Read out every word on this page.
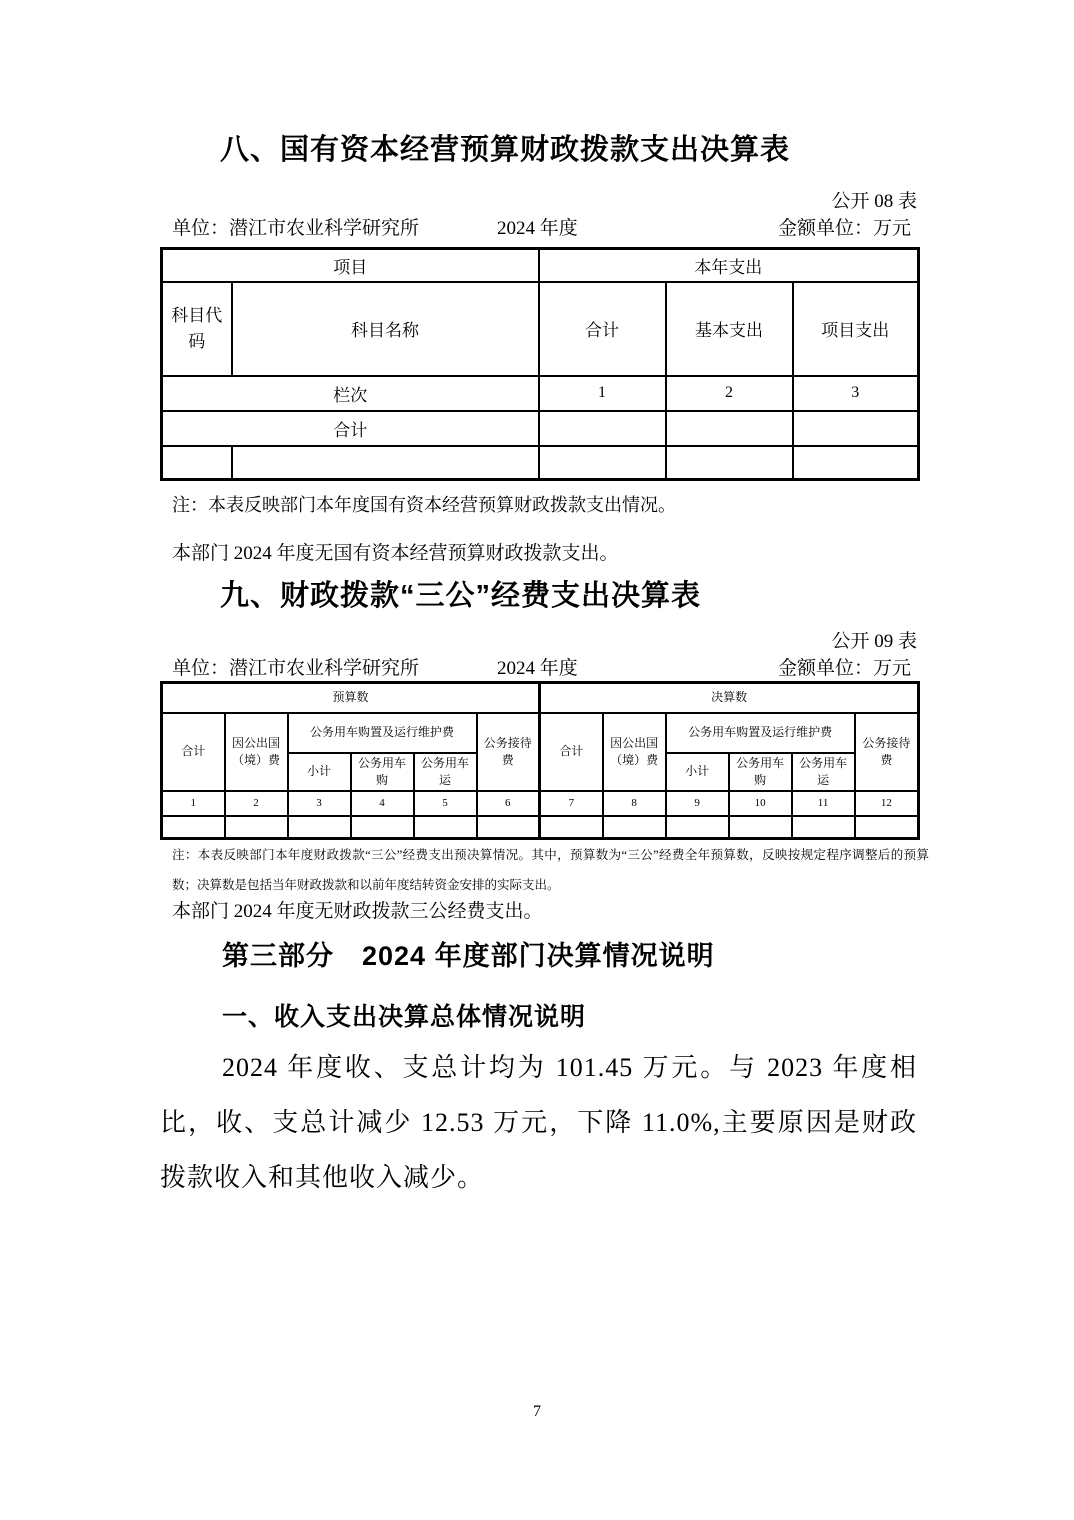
八、国有资本经营预算财政拨款支出决算表
公开 08 表
单位：潜江市农业科学研究所	2024 年度	金额单位：万元
项目		本年支出		
科目代码	科目名称	合计	基本支出	项目支出
栏次		1	2	3
合计				

注：本表反映部门本年度国有资本经营预算财政拨款支出情况。
本部门 2024 年度无国有资本经营预算财政拨款支出。
九、财政拨款“三公”经费支出决算表
公开 09 表
单位：潜江市农业科学研究所	2024 年度	金额单位：万元
预算数						决算数					
合计	因公出国（境）费	公务用车购置及运行维护费			公务接待费	合计	因公出国（境）费	公务用车购置及运行维护费			公务接待费
		小计	公务用车购	公务用车运				小计	公务用车购	公务用车运	
1	2	3	4	5	6	7	8	9	10	11	12

注：本表反映部门本年度财政拨款“三公”经费支出预决算情况。其中，预算数为“三公”经费全年预算数，反映按规定程序调整后的预算数；决算数是包括当年财政拨款和以前年度结转资金安排的实际支出。
本部门 2024 年度无财政拨款三公经费支出。
第三部分　2024 年度部门决算情况说明
一、收入支出决算总体情况说明
2024 年度收、支总计均为 101.45 万元。与 2023 年度相比，收、支总计减少 12.53 万元，下降 11.0%,主要原因是财政拨款收入和其他收入减少。
7
